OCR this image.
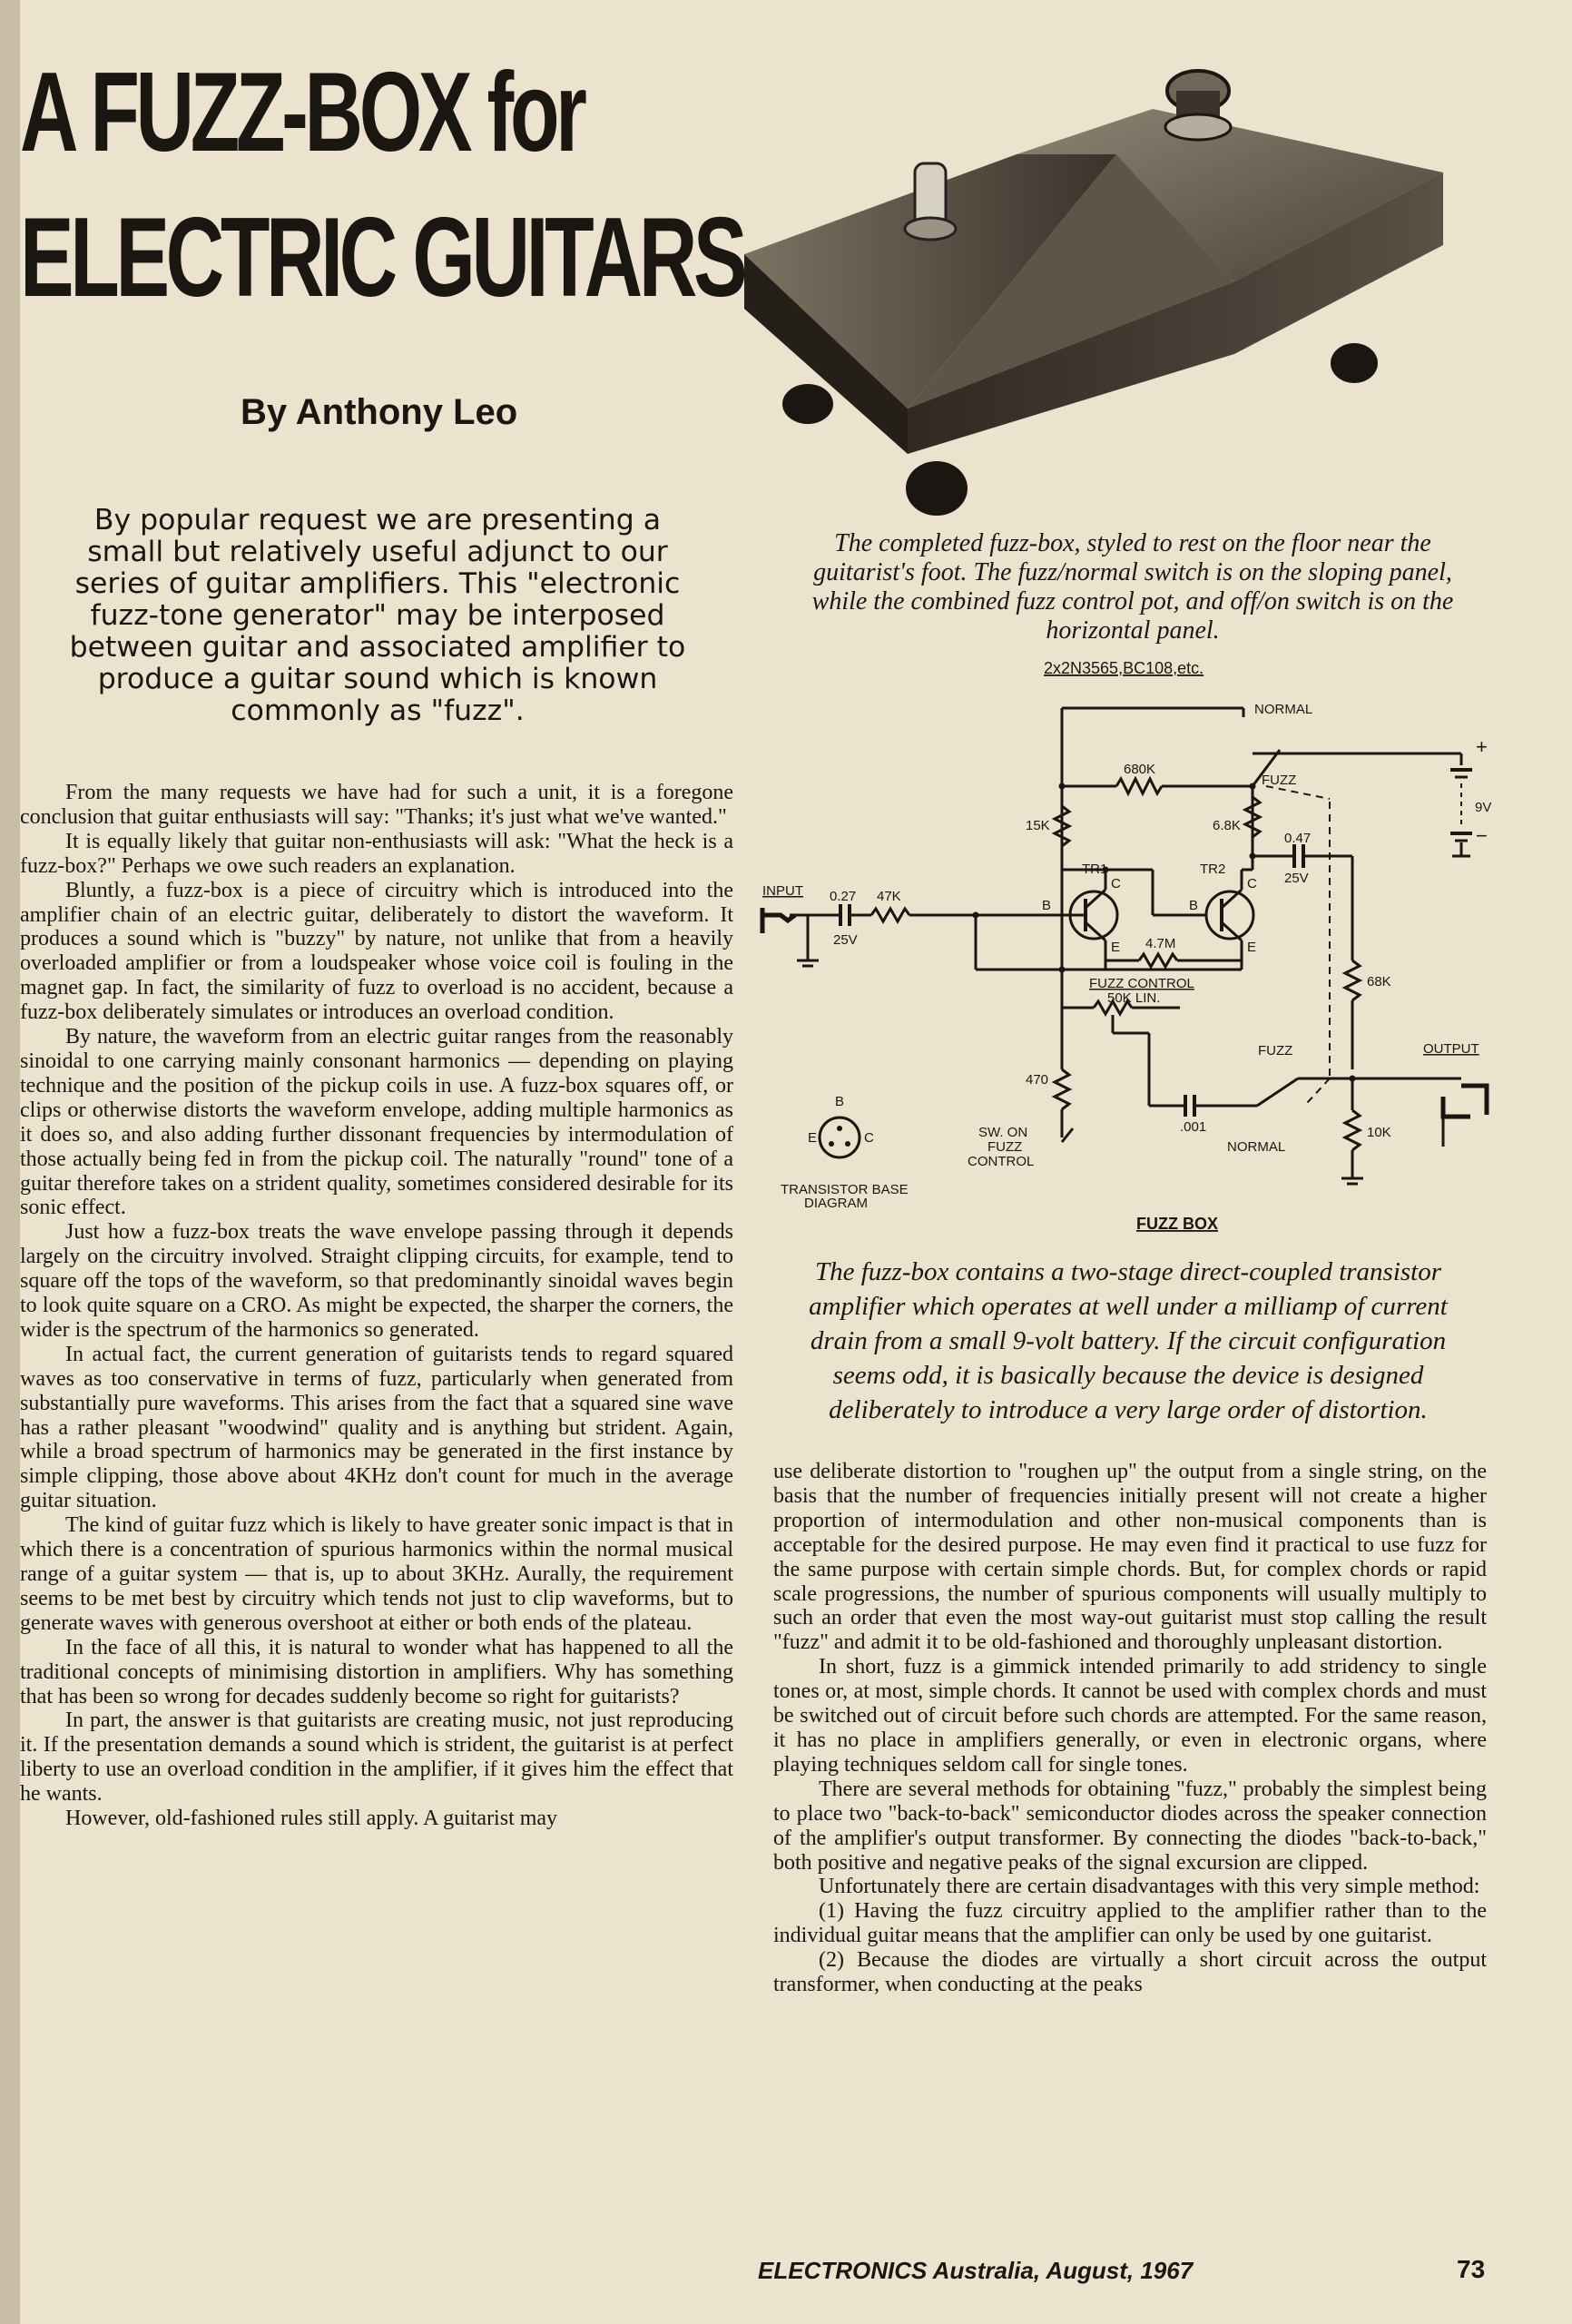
A FUZZ-BOX for
ELECTRIC GUITARS
By Anthony Leo
By popular request we are presenting a small but relatively useful adjunct to our series of guitar amplifiers. This "electronic fuzz-tone generator" may be interposed between guitar and associated amplifier to produce a guitar sound which is known commonly as "fuzz".
The completed fuzz-box, styled to rest on the floor near the guitarist's foot. The fuzz/normal switch is on the sloping panel, while the combined fuzz control pot, and off/on switch is on the horizontal panel.
2x2N3565,BC108,etc.
NORMAL
680K
FUZZ
15K	6.8K
0.47
25V
+
9V
−
TR1	TR2
INPUT 0.27
25V
47K
B
C
E
B
C
E
4.7M
68K
FUZZ CONTROL
50K LIN.
FUZZ	OUTPUT
470
.001
NORMAL
10K
SW. ON
FUZZ
CONTROL
B
E	C
TRANSISTOR BASE
DIAGRAM
FUZZ BOX
The fuzz-box contains a two-stage direct-coupled transistor amplifier which operates at well under a milliamp of current drain from a small 9-volt battery. If the circuit configuration seems odd, it is basically because the device is designed deliberately to introduce a very large order of distortion.

From the many requests we have had for such a unit, it is a foregone conclusion that guitar enthusiasts will say: "Thanks; it's just what we've wanted."

It is equally likely that guitar non-enthusiasts will ask: "What the heck is a fuzz-box?" Perhaps we owe such readers an explanation.

Bluntly, a fuzz-box is a piece of circuitry which is introduced into the amplifier chain of an electric guitar, deliberately to distort the waveform. It produces a sound which is "buzzy" by nature, not unlike that from a heavily overloaded amplifier or from a loudspeaker whose voice coil is fouling in the magnet gap. In fact, the similarity of fuzz to overload is no accident, because a fuzz-box deliberately simulates or introduces an overload condition.

By nature, the waveform from an electric guitar ranges from the reasonably sinoidal to one carrying mainly consonant harmonics — depending on playing technique and the position of the pickup coils in use. A fuzz-box squares off, or clips or otherwise distorts the waveform envelope, adding multiple harmonics as it does so, and also adding further dissonant frequencies by intermodulation of those actually being fed in from the pickup coil. The naturally "round" tone of a guitar therefore takes on a strident quality, sometimes considered desirable for its sonic effect.

Just how a fuzz-box treats the wave envelope passing through it depends largely on the circuitry involved. Straight clipping circuits, for example, tend to square off the tops of the waveform, so that predominantly sinoidal waves begin to look quite square on a CRO. As might be expected, the sharper the corners, the wider is the spectrum of the harmonics so generated.

In actual fact, the current generation of guitarists tends to regard squared waves as too conservative in terms of fuzz, particularly when generated from substantially pure waveforms. This arises from the fact that a squared sine wave has a rather pleasant "woodwind" quality and is anything but strident. Again, while a broad spectrum of harmonics may be generated in the first instance by simple clipping, those above about 4KHz don't count for much in the average guitar situation.

The kind of guitar fuzz which is likely to have greater sonic impact is that in which there is a concentration of spurious harmonics within the normal musical range of a guitar system — that is, up to about 3KHz. Aurally, the requirement seems to be met best by circuitry which tends not just to clip waveforms, but to generate waves with generous overshoot at either or both ends of the plateau.

In the face of all this, it is natural to wonder what has happened to all the traditional concepts of minimising distortion in amplifiers. Why has something that has been so wrong for decades suddenly become so right for guitarists?

In part, the answer is that guitarists are creating music, not just reproducing it. If the presentation demands a sound which is strident, the guitarist is at perfect liberty to use an overload condition in the amplifier, if it gives him the effect that he wants.

However, old-fashioned rules still apply. A guitarist may

use deliberate distortion to "roughen up" the output from a single string, on the basis that the number of frequencies initially present will not create a higher proportion of intermodulation and other non-musical components than is acceptable for the desired purpose. He may even find it practical to use fuzz for the same purpose with certain simple chords. But, for complex chords or rapid scale progressions, the number of spurious components will usually multiply to such an order that even the most way-out guitarist must stop calling the result "fuzz" and admit it to be old-fashioned and thoroughly unpleasant distortion.

In short, fuzz is a gimmick intended primarily to add stridency to single tones or, at most, simple chords. It cannot be used with complex chords and must be switched out of circuit before such chords are attempted. For the same reason, it has no place in amplifiers generally, or even in electronic organs, where playing techniques seldom call for single tones.

There are several methods for obtaining "fuzz," probably the simplest being to place two "back-to-back" semiconductor diodes across the speaker connection of the amplifier's output transformer. By connecting the diodes "back-to-back," both positive and negative peaks of the signal excursion are clipped.

Unfortunately there are certain disadvantages with this very simple method:

(1) Having the fuzz circuitry applied to the amplifier rather than to the individual guitar means that the amplifier can only be used by one guitarist.

(2) Because the diodes are virtually a short circuit across the output transformer, when conducting at the peaks

ELECTRONICS Australia, August, 1967	73
